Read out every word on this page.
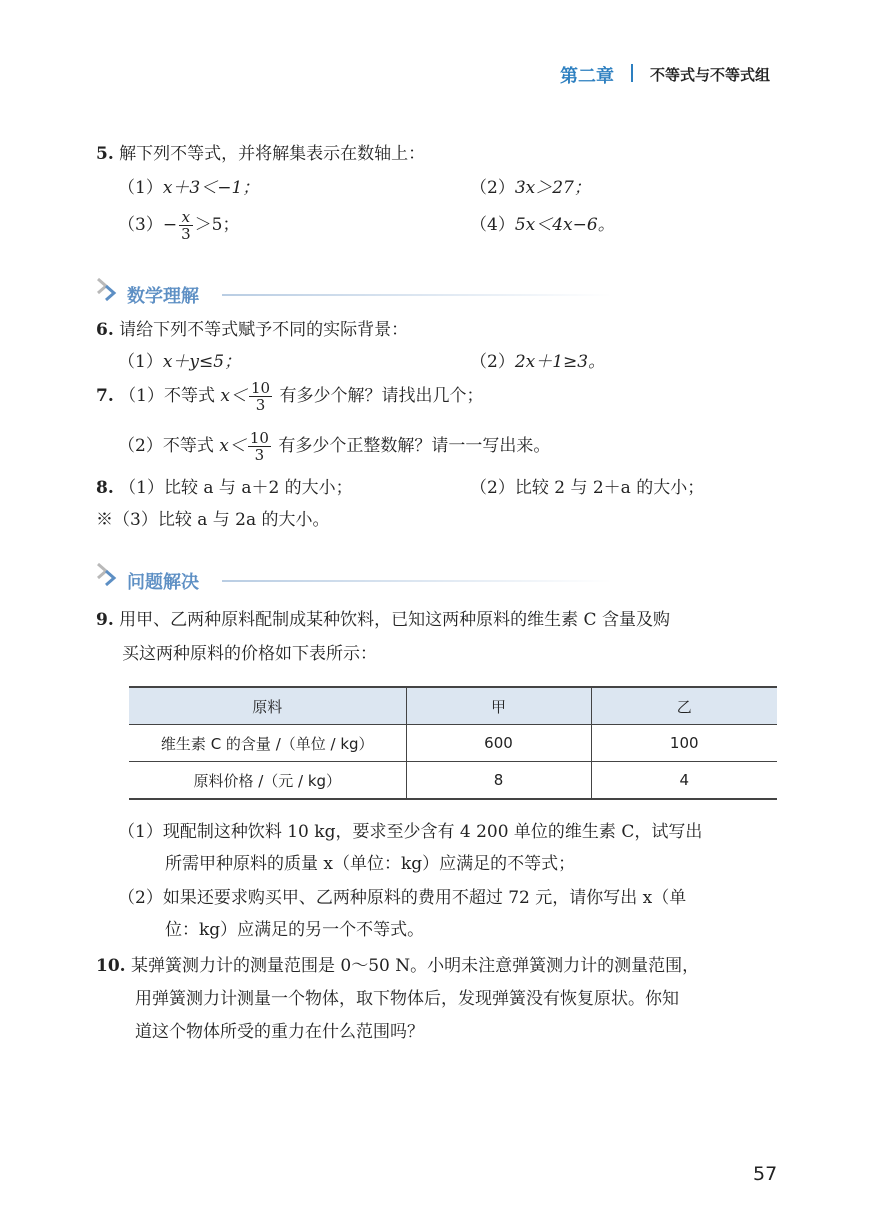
第二章 不等式与不等式组
5. 解下列不等式，并将解集表示在数轴上：
（1）x＋3＜−1；	（2）3x＞27；
$(3)- \frac{x}{3} >5$；	（4）5x＜4x−6。
数学理解
6. 请给下列不等式赋予不同的实际背景：
（1）x＋y≤5；	（2）2x＋1≥3。
7. （1）不等式 $x< \frac{10}{3}$ 有多少个解？请找出几个；
（2）不等式 $x< \frac{10}{3}$ 有多少个正整数解？请一一写出来。
8. （1）比较 a 与 a＋2 的大小；	（2）比较 2 与 2＋a 的大小；
※（3）比较 a 与 2a 的大小。
问题解决
9. 用甲、乙两种原料配制成某种饮料，已知这两种原料的维生素 C 含量及购
买这两种原料的价格如下表所示：
原料	甲	乙
维生素 C 的含量 /（单位 / kg）	600	100
原料价格 /（元 / kg）	8	4
（1）现配制这种饮料 10 kg，要求至少含有 4 200 单位的维生素 C，试写出
所需甲种原料的质量 x（单位：kg）应满足的不等式；
（2）如果还要求购买甲、乙两种原料的费用不超过 72 元，请你写出 x（单
位：kg）应满足的另一个不等式。
10. 某弹簧测力计的测量范围是 0～50 N。小明未注意弹簧测力计的测量范围，
用弹簧测力计测量一个物体，取下物体后，发现弹簧没有恢复原状。你知
道这个物体所受的重力在什么范围吗？
57
